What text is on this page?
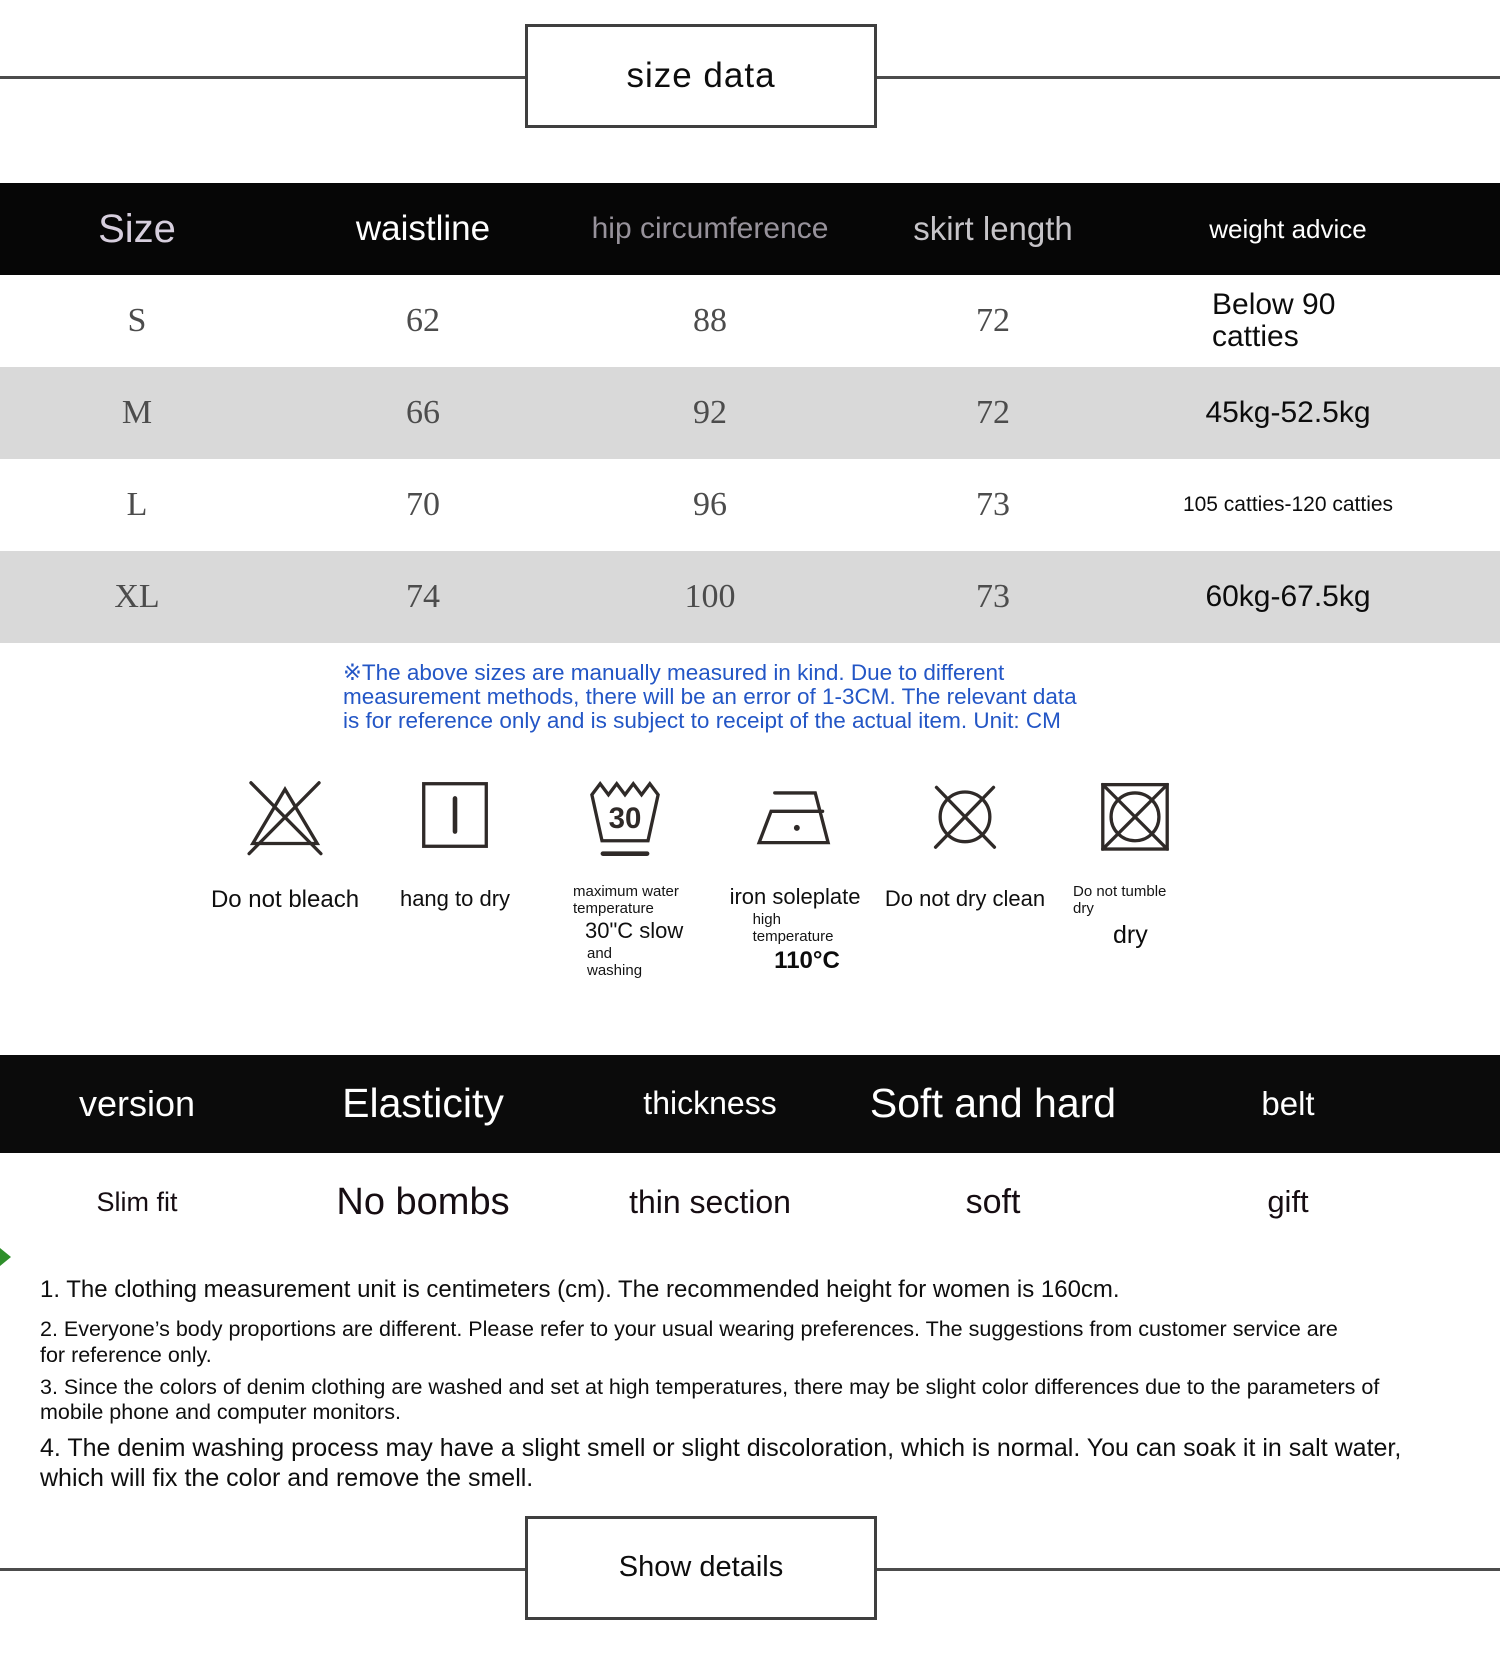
size data
Size	waistline	hip circumference	skirt length	weight advice
S	62	88	72	Below 90 catties
M	66	92	72	45kg-52.5kg
L	70	96	73	105 catties-120 catties
XL	74	100	73	60kg-67.5kg
※The above sizes are manually measured in kind. Due to different
measurement methods, there will be an error of 1-3CM. The relevant data
is for reference only and is subject to receipt of the actual item. Unit: CM
Do not bleach hang to dry
30
maximum water
temperature
30"C slow
and
washing
iron soleplate
high
temperature
110°C
Do not dry clean Do not tumble
dry
dry
version	Elasticity	thickness	Soft and hard	belt
Slim fit	No bombs	thin section	soft	gift
1. The clothing measurement unit is centimeters (cm). The recommended height for women is 160cm.
2. Everyone’s body proportions are different. Please refer to your usual wearing preferences. The suggestions from customer service are
for reference only.
3. Since the colors of denim clothing are washed and set at high temperatures, there may be slight color differences due to the parameters of
mobile phone and computer monitors.
4. The denim washing process may have a slight smell or slight discoloration, which is normal. You can soak it in salt water,
which will fix the color and remove the smell.
Show details
